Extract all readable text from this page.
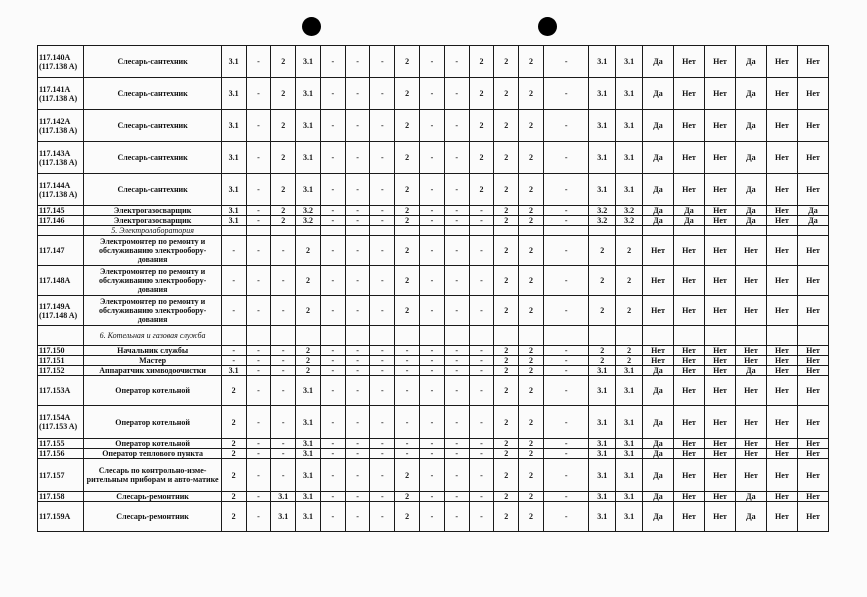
117.140A (117.138 A)	Слесарь-сантехник	3.1	-	2	3.1	-	-	-	2	-	-	2	2	2	-	3.1	3.1	Да	Нет	Нет	Да	Нет	Нет
117.141A (117.138 A)	Слесарь-сантехник	3.1	-	2	3.1	-	-	-	2	-	-	2	2	2	-	3.1	3.1	Да	Нет	Нет	Да	Нет	Нет
117.142A (117.138 A)	Слесарь-сантехник	3.1	-	2	3.1	-	-	-	2	-	-	2	2	2	-	3.1	3.1	Да	Нет	Нет	Да	Нет	Нет
117.143A (117.138 A)	Слесарь-сантехник	3.1	-	2	3.1	-	-	-	2	-	-	2	2	2	-	3.1	3.1	Да	Нет	Нет	Да	Нет	Нет
117.144A (117.138 A)	Слесарь-сантехник	3.1	-	2	3.1	-	-	-	2	-	-	2	2	2	-	3.1	3.1	Да	Нет	Нет	Да	Нет	Нет
117.145	Электрогазосварщик	3.1	-	2	3.2	-	-	-	2	-	-	-	2	2	-	3.2	3.2	Да	Да	Нет	Да	Нет	Да
117.146	Электрогазосварщик	3.1	-	2	3.2	-	-	-	2	-	-	-	2	2	-	3.2	3.2	Да	Да	Нет	Да	Нет	Да
	5. Электролаборатория																						
117.147	Электромонтер по ремонту и обслуживанию электрообору-дования	-	-	-	2	-	-	-	2	-	-	-	2	2	-	2	2	Нет	Нет	Нет	Нет	Нет	Нет
117.148A	Электромонтер по ремонту и обслуживанию электрообору-дования	-	-	-	2	-	-	-	2	-	-	-	2	2	-	2	2	Нет	Нет	Нет	Нет	Нет	Нет
117.149A (117.148 A)	Электромонтер по ремонту и обслуживанию электрообору-дования	-	-	-	2	-	-	-	2	-	-	-	2	2	-	2	2	Нет	Нет	Нет	Нет	Нет	Нет
	6. Котельная и газовая служба																						
117.150	Начальник службы	-	-	-	2	-	-	-	-	-	-	-	2	2	-	2	2	Нет	Нет	Нет	Нет	Нет	Нет
117.151	Мастер	-	-	-	2	-	-	-	-	-	-	-	2	2	-	2	2	Нет	Нет	Нет	Нет	Нет	Нет
117.152	Аппаратчик химводоочистки	3.1	-	-	2	-	-	-	-	-	-	-	2	2	-	3.1	3.1	Да	Нет	Нет	Да	Нет	Нет
117.153A	Оператор котельной	2	-	-	3.1	-	-	-	-	-	-	-	2	2	-	3.1	3.1	Да	Нет	Нет	Нет	Нет	Нет
117.154A (117.153 A)	Оператор котельной	2	-	-	3.1	-	-	-	-	-	-	-	2	2	-	3.1	3.1	Да	Нет	Нет	Нет	Нет	Нет
117.155	Оператор котельной	2	-	-	3.1	-	-	-	-	-	-	-	2	2	-	3.1	3.1	Да	Нет	Нет	Нет	Нет	Нет
117.156	Оператор теплового пункта	2	-	-	3.1	-	-	-	-	-	-	-	2	2	-	3.1	3.1	Да	Нет	Нет	Нет	Нет	Нет
117.157	Слесарь по контрольно-изме-рительным приборам и авто-матике	2	-	-	3.1	-	-	-	2	-	-	-	2	2	-	3.1	3.1	Да	Нет	Нет	Нет	Нет	Нет
117.158	Слесарь-ремонтник	2	-	3.1	3.1	-	-	-	2	-	-	-	2	2	-	3.1	3.1	Да	Нет	Нет	Да	Нет	Нет
117.159A	Слесарь-ремонтник	2	-	3.1	3.1	-	-	-	2	-	-	-	2	2	-	3.1	3.1	Да	Нет	Нет	Да	Нет	Нет
